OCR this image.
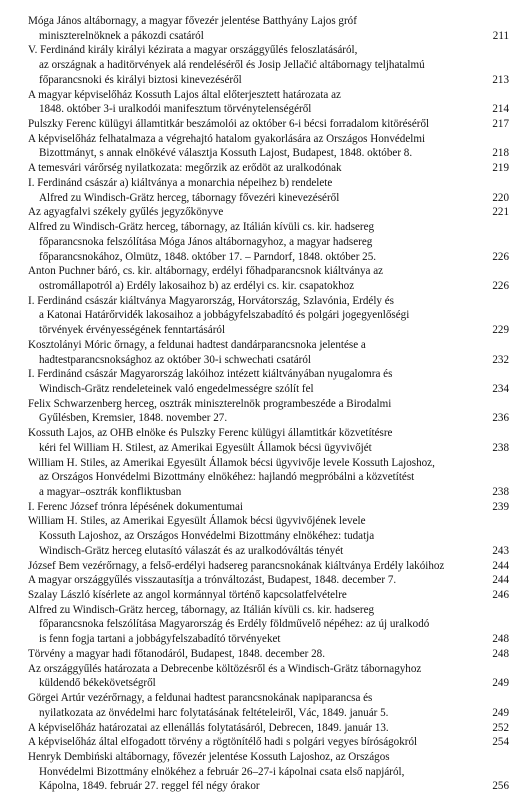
Móga János altábornagy, a magyar fővezér jelentése Batthyány Lajos gróf
miniszterelnöknek a pákozdi csatáról	211
V. Ferdinánd király királyi kézirata a magyar országgyűlés feloszlatásáról,
az országnak a haditörvények alá rendeléséről és Josip Jellačić altábornagy teljhatalmú
főparancsnoki és királyi biztosi kinevezéséről	213
A magyar képviselőház Kossuth Lajos által előterjesztett határozata az
1848. október 3-i uralkodói manifesztum törvénytelenségéről	214
Pulszky Ferenc külügyi államtitkár beszámolói az október 6-i bécsi forradalom kitöréséről	217
A képviselőház felhatalmaza a végrehajtó hatalom gyakorlására az Országos Honvédelmi
Bizottmányt, s annak elnökévé választja Kossuth Lajost, Budapest, 1848. október 8.	218
A temesvári várőrség nyilatkozata: megőrzik az erődöt az uralkodónak	219
I. Ferdinánd császár a) kiáltványa a monarchia népeihez b) rendelete
Alfred zu Windisch-Grätz herceg, tábornagy fővezéri kinevezéséről	220
Az agyagfalvi székely gyűlés jegyzőkönyve	221
Alfred zu Windisch-Grätz herceg, tábornagy, az Itálián kívüli cs. kir. hadsereg
főparancsnoka felszólítása Móga János altábornagyhoz, a magyar hadsereg
főparancsnokához, Olmütz, 1848. október 17. – Parndorf, 1848. október 25.	226
Anton Puchner báró, cs. kir. altábornagy, erdélyi főhadparancsnok kiáltványa az
ostromállapotról a) Erdély lakosaihoz b) az erdélyi cs. kir. csapatokhoz	226
I. Ferdinánd császár kiáltványa Magyarország, Horvátország, Szlavónia, Erdély és
a Katonai Határőrvidék lakosaihoz a jobbágyfelszabadító és polgári jogegyenlőségi
törvények érvényességének fenntartásáról	229
Kosztolányi Móric őrnagy, a feldunai hadtest dandárparancsnoka jelentése a
hadtestparancsnoksághoz az október 30-i schwechati csatáról	232
I. Ferdinánd császár Magyarország lakóihoz intézett kiáltványában nyugalomra és
Windisch-Grätz rendeleteinek való engedelmességre szólít fel	234
Felix Schwarzenberg herceg, osztrák miniszterelnök programbeszéde a Birodalmi
Gyűlésben, Kremsier, 1848. november 27.	236
Kossuth Lajos, az OHB elnöke és Pulszky Ferenc külügyi államtitkár közvetítésre
kéri fel William H. Stilest, az Amerikai Egyesült Államok bécsi ügyvivőjét	238
William H. Stiles, az Amerikai Egyesült Államok bécsi ügyvivője levele Kossuth Lajoshoz,
az Országos Honvédelmi Bizottmány elnökéhez: hajlandó megpróbálni a közvetítést
a magyar–osztrák konfliktusban	238
I. Ferenc József trónra lépésének dokumentumai	239
William H. Stiles, az Amerikai Egyesült Államok bécsi ügyvivőjének levele
Kossuth Lajoshoz, az Országos Honvédelmi Bizottmány elnökéhez: tudatja
Windisch-Grätz herceg elutasító válaszát és az uralkodóváltás tényét	243
József Bem vezérőrnagy, a felső-erdélyi hadsereg parancsnokának kiáltványa Erdély lakóihoz	244
A magyar országgyűlés visszautasítja a trónváltozást, Budapest, 1848. december 7.	244
Szalay László kísérlete az angol kormánnyal történő kapcsolatfelvételre	246
Alfred zu Windisch-Grätz herceg, tábornagy, az Itálián kívüli cs. kir. hadsereg
főparancsnoka felszólítása Magyarország és Erdély földművelő népéhez: az új uralkodó
is fenn fogja tartani a jobbágyfelszabadító törvényeket	248
Törvény a magyar hadi főtanodáról, Budapest, 1848. december 28.	248
Az országgyűlés határozata a Debrecenbe költözésről és a Windisch-Grätz tábornagyhoz
küldendő békekövetségről	249
Görgei Artúr vezérőrnagy, a feldunai hadtest parancsnokának napiparancsa és
nyilatkozata az önvédelmi harc folytatásának feltételeiről, Vác, 1849. január 5.	249
A képviselőház határozatai az ellenállás folytatásáról, Debrecen, 1849. január 13.	252
A képviselőház által elfogadott törvény a rögtönítélő hadi s polgári vegyes bíróságokról	254
Henryk Dembiński altábornagy, fővezér jelentése Kossuth Lajoshoz, az Országos
Honvédelmi Bizottmány elnökéhez a február 26–27-i kápolnai csata első napjáról,
Kápolna, 1849. február 27. reggel fél négy órakor	256
